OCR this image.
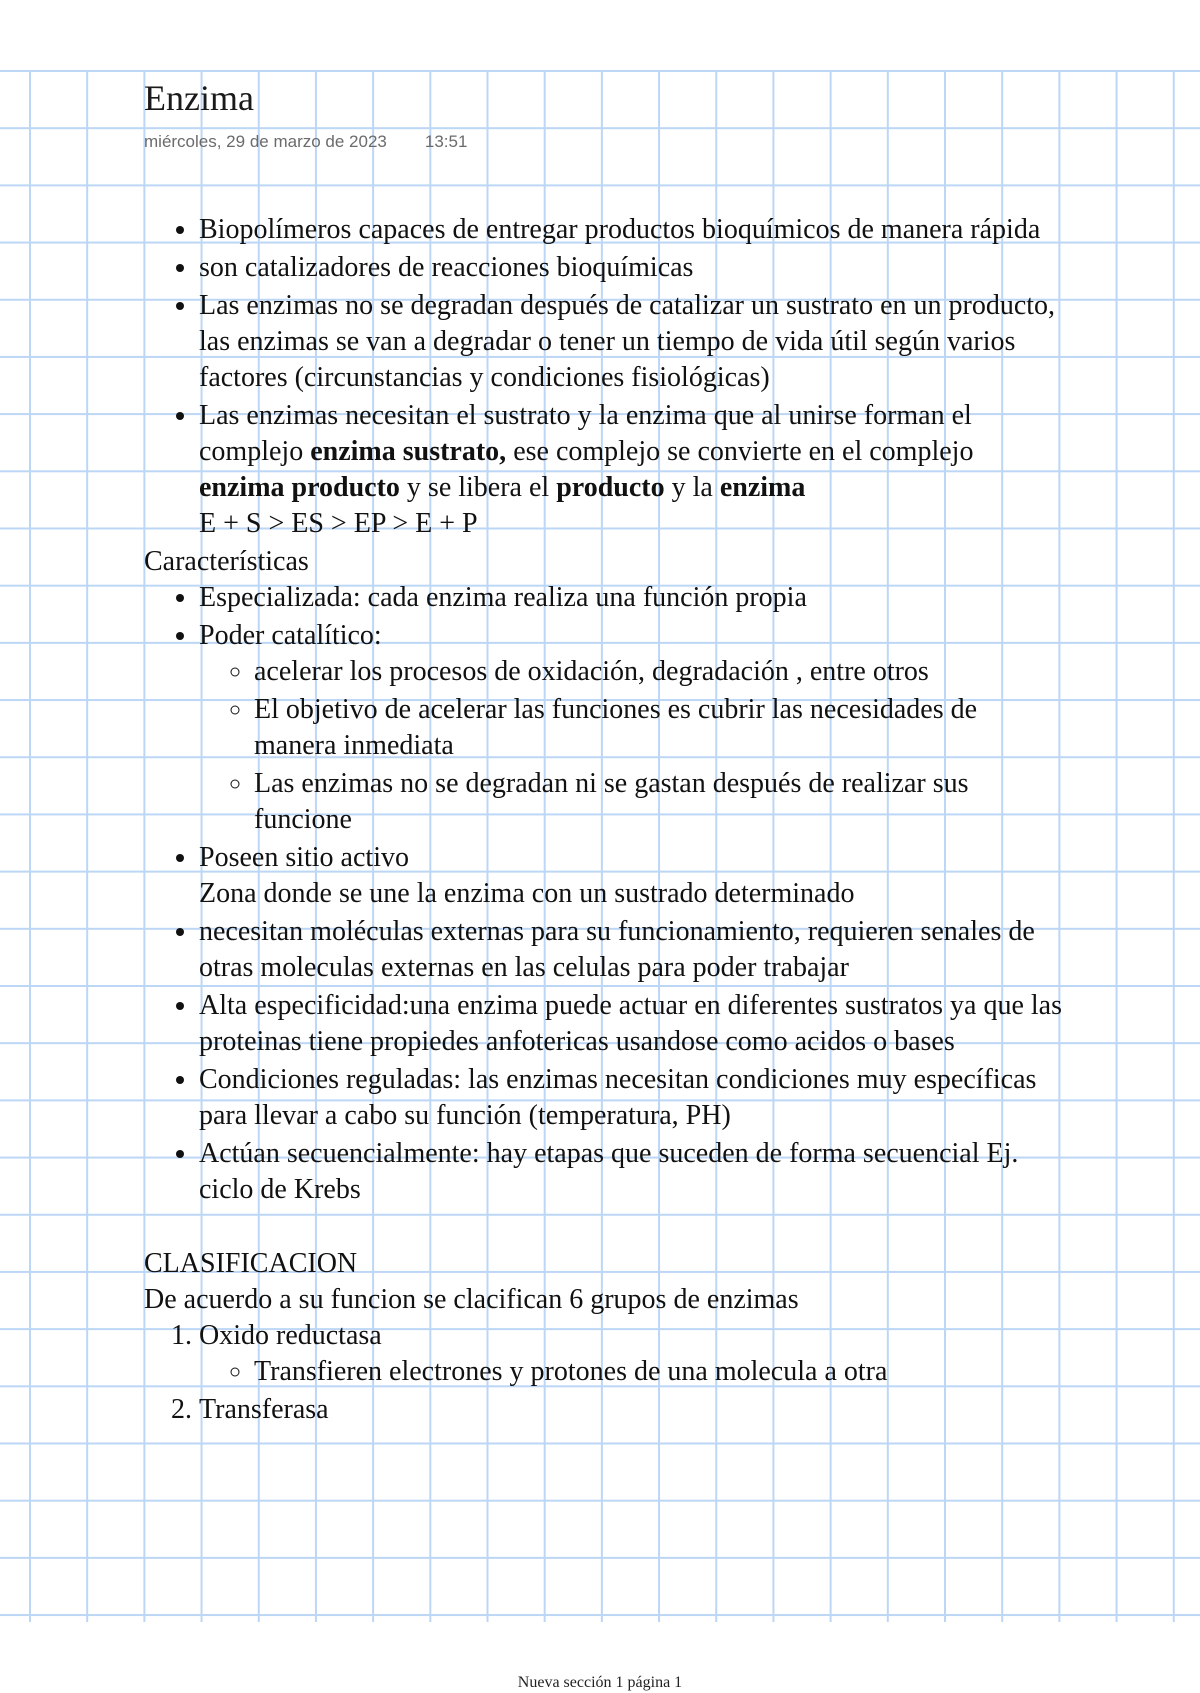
Enzima
miércoles, 29 de marzo de 2023 13:51
• Biopolímeros capaces de entregar productos bioquímicos de manera rápida
• son catalizadores de reacciones bioquímicas
• Las enzimas no se degradan después de catalizar un sustrato en un producto, las enzimas se van a degradar o tener un tiempo de vida útil según varios factores (circunstancias y condiciones fisiológicas)
• Las enzimas necesitan el sustrato y la enzima que al unirse forman el complejo enzima sustrato, ese complejo se convierte en el complejo enzima producto y se libera el producto y la enzima
E + S > ES > EP > E + P

Características

• Especializada: cada enzima realiza una función propia
• Poder catalítico:
◦ acelerar los procesos de oxidación, degradación , entre otros
◦ El objetivo de acelerar las funciones es cubrir las necesidades de manera inmediata
◦ Las enzimas no se degradan ni se gastan después de realizar sus funcione
• Poseen sitio activo
Zona donde se une la enzima con un sustrado determinado
• necesitan moléculas externas para su funcionamiento, requieren senales de otras moleculas externas en las celulas para poder trabajar
• Alta especificidad:una enzima puede actuar en diferentes sustratos ya que las proteinas tiene propiedes anfotericas usandose como acidos o bases
• Condiciones reguladas: las enzimas necesitan condiciones muy específicas para llevar a cabo su función (temperatura, PH)
• Actúan secuencialmente: hay etapas que suceden de forma secuencial Ej. ciclo de Krebs

CLASIFICACION

De acuerdo a su funcion se clacifican 6 grupos de enzimas

1. Oxido reductasa
◦ Transfieren electrones y protones de una molecula a otra
2. Transferasa
Nueva sección 1 página 1
